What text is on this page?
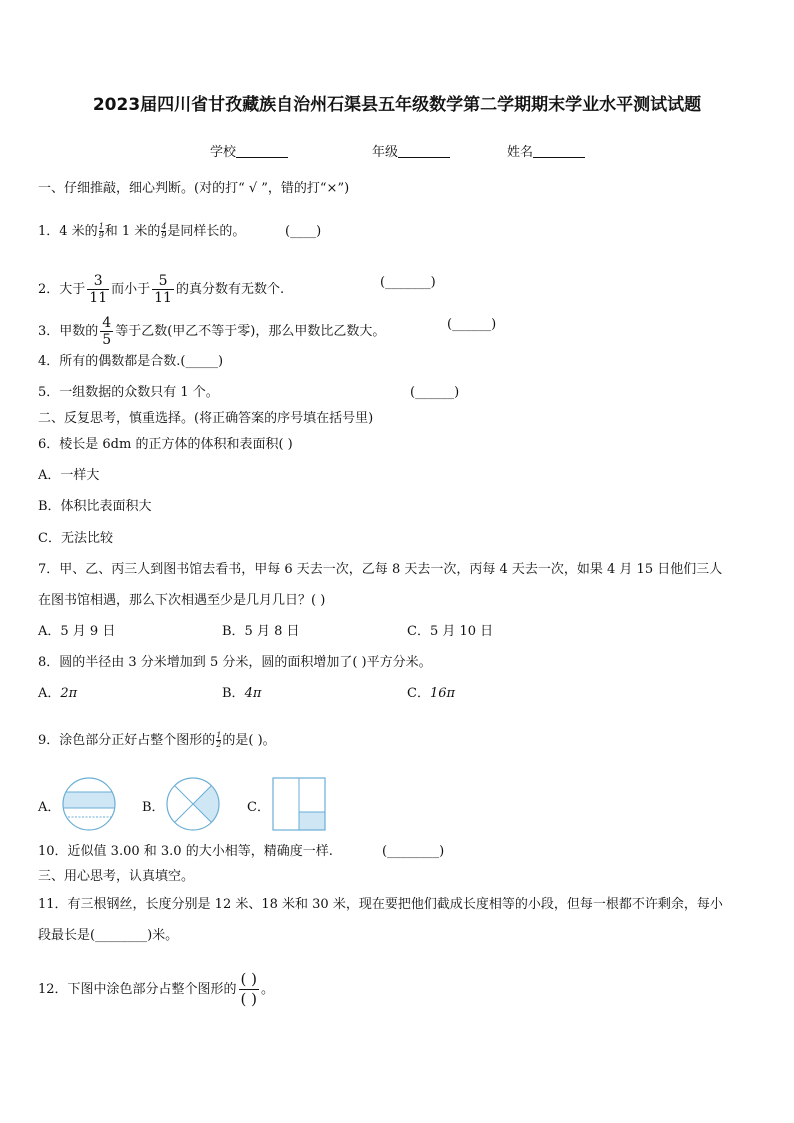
2023届四川省甘孜藏族自治州石渠县五年级数学第二学期期末学业水平测试试题
学校	年级	姓名
一、仔细推敲，细心判断。(对的打“ √ ”，错的打“×”)
1．4 米的 $\frac{1}{9}$ 和 1 米的 $\frac{4}{9}$ 是同样长的。	(____)
2．大于 $\frac{3}{11}$ 而小于 $\frac{5}{11}$ 的真分数有无数个.	(_______)
3．甲数的 $\frac{4}{5}$ 等于乙数(甲乙不等于零)，那么甲数比乙数大。	(______)
4．所有的偶数都是合数.(_____)
5．一组数据的众数只有 1 个。	(______)
二、反复思考，慎重选择。(将正确答案的序号填在括号里)
6．棱长是 6dm 的正方体的体积和表面积( )
A．一样大
B．体积比表面积大
C．无法比较
7．甲、乙、丙三人到图书馆去看书，甲每 6 天去一次，乙每 8 天去一次，丙每 4 天去一次，如果 4 月 15 日他们三人
在图书馆相遇，那么下次相遇至少是几月几日？( )
A．5 月 9 日	B．5 月 8 日	C．5 月 10 日
8．圆的半径由 3 分米增加到 5 分米，圆的面积增加了( )平方分米。
A．2π	B．4π	C．16π
9．涂色部分正好占整个图形的 $\frac{1}{2}$ 的是( )。
A．	B．	C．
10．近似值 3.00 和 3.0 的大小相等，精确度一样.	(________)
三、用心思考，认真填空。
11．有三根钢丝，长度分别是 12 米、18 米和 30 米，现在要把他们截成长度相等的小段，但每一根都不许剩余，每小
段最长是(________)米。
12．下图中涂色部分占整个图形的
( )
( )
。
